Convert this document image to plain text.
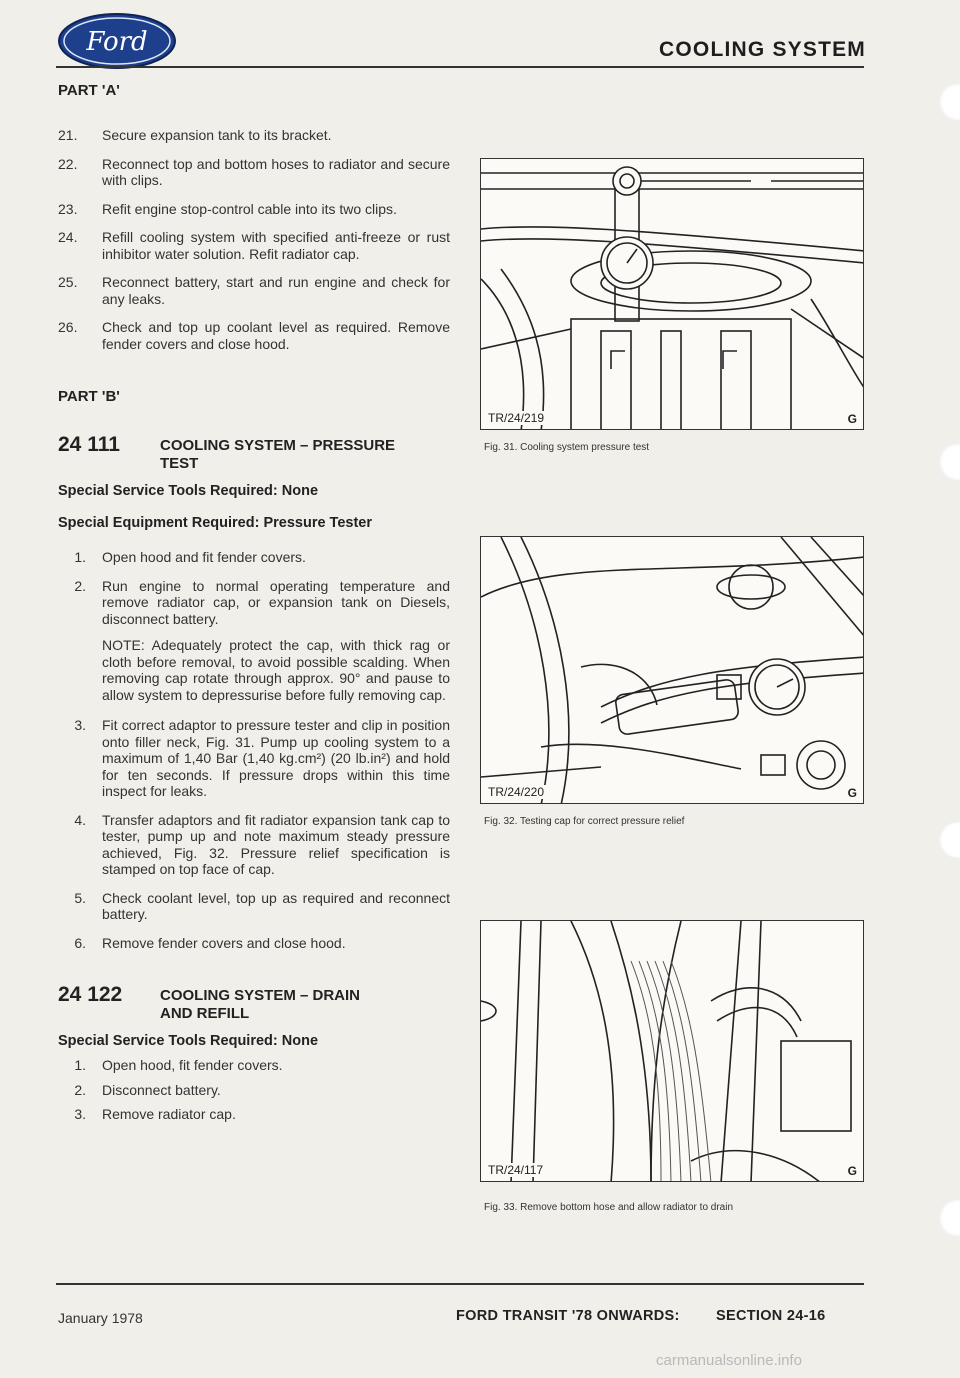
Ford	COOLING SYSTEM
PART 'A'
21.	Secure expansion tank to its bracket.
22.	Reconnect top and bottom hoses to radiator and secure with clips.
23.	Refit engine stop-control cable into its two clips.
24.	Refill cooling system with specified anti-freeze or rust inhibitor water solution. Refit radiator cap.
25.	Reconnect battery, start and run engine and check for any leaks.
26.	Check and top up coolant level as required. Remove fender covers and close hood.
PART 'B'
24 111	COOLING SYSTEM – PRESSURE
TEST
Special Service Tools Required: None
Special Equipment Required: Pressure Tester
1.	Open hood and fit fender covers.
2.	Run engine to normal operating temperature and remove radiator cap, or expansion tank on Diesels, disconnect battery.
NOTE: Adequately protect the cap, with thick rag or cloth before removal, to avoid possible scalding. When removing cap rotate through approx. 90° and pause to allow system to depressurise before fully removing cap.
3.	Fit correct adaptor to pressure tester and clip in position onto filler neck, Fig. 31. Pump up cooling system to a maximum of 1,40 Bar (1,40 kg.cm²) (20 lb.in²) and hold for ten seconds. If pressure drops within this time inspect for leaks.
4.	Transfer adaptors and fit radiator expansion tank cap to tester, pump up and note maximum steady pressure achieved, Fig. 32. Pressure relief specification is stamped on top face of cap.
5.	Check coolant level, top up as required and reconnect battery.
6.	Remove fender covers and close hood.
24 122	COOLING SYSTEM – DRAIN
AND REFILL
Special Service Tools Required: None
1.	Open hood, fit fender covers.
2.	Disconnect battery.
3.	Remove radiator cap.
TR/24/219	G
Fig. 31. Cooling system pressure test
TR/24/220	G
Fig. 32. Testing cap for correct pressure relief
TR/24/117	G
Fig. 33. Remove bottom hose and allow radiator to drain
January 1978	FORD TRANSIT '78 ONWARDS:	SECTION 24-16
carmanualsonline.info
